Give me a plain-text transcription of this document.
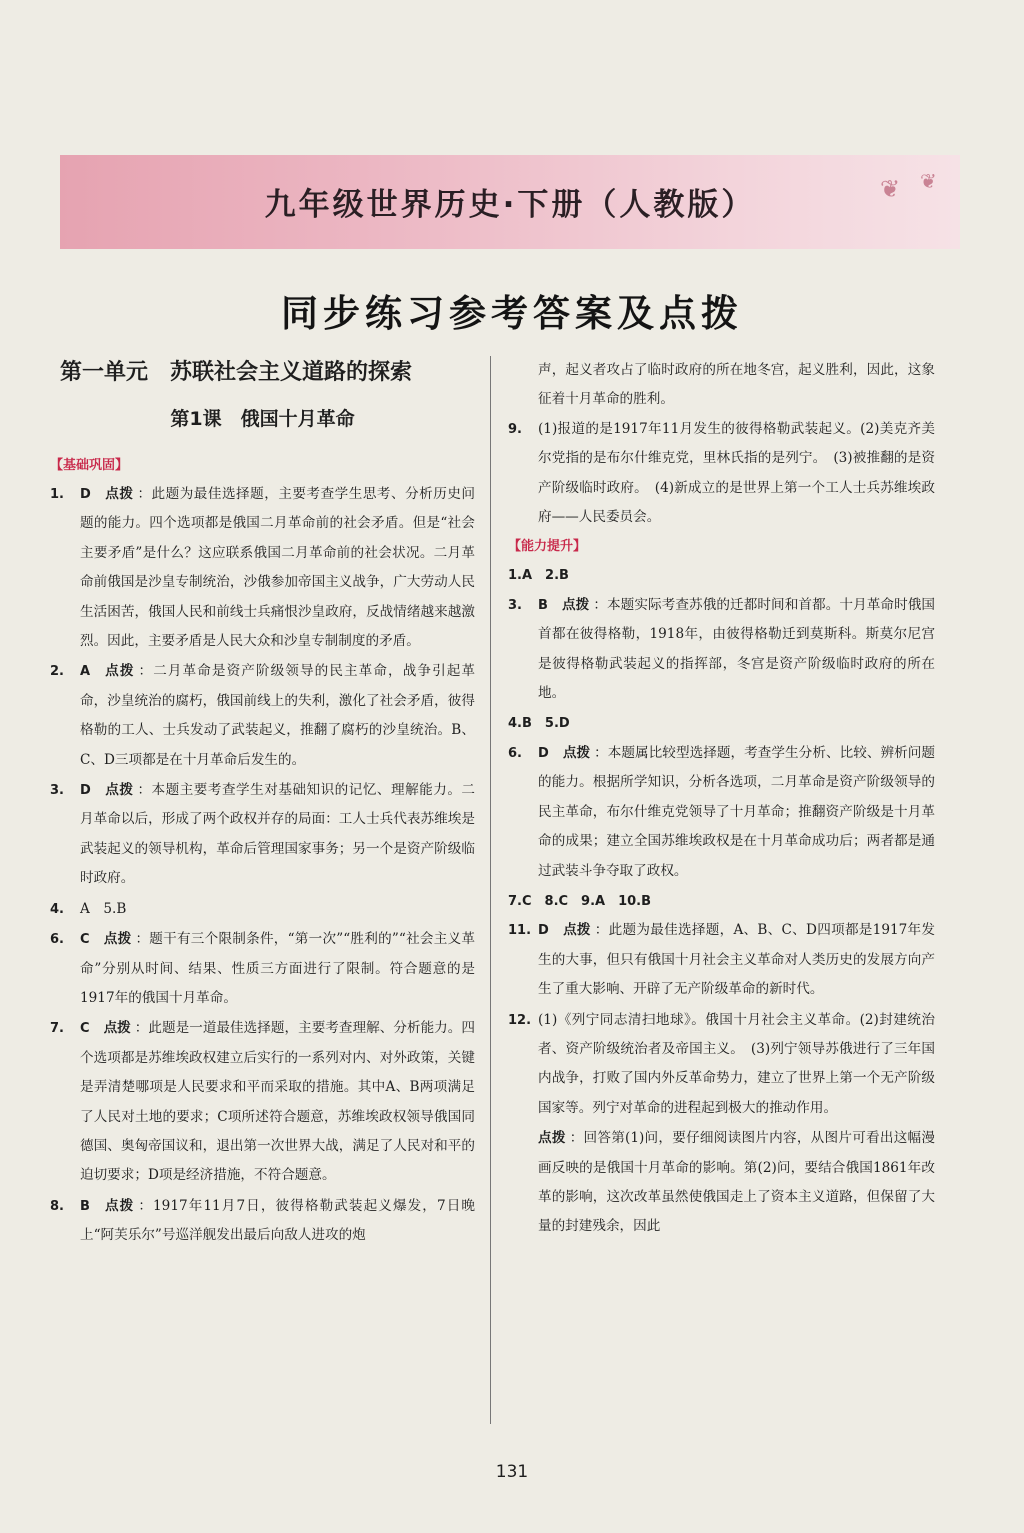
❦ ❦
九年级世界历史·下册（人教版）
同步练习参考答案及点拨
第一单元　苏联社会主义道路的探索
第1课　俄国十月革命
【基础巩固】
1.	D 点拨 ：此题为最佳选择题，主要考查学生思考、分析历史问题的能力。四个选项都是俄国二月革命前的社会矛盾。但是“社会主要矛盾”是什么？这应联系俄国二月革命前的社会状况。二月革命前俄国是沙皇专制统治，沙俄参加帝国主义战争，广大劳动人民生活困苦，俄国人民和前线士兵痛恨沙皇政府，反战情绪越来越激烈。因此，主要矛盾是人民大众和沙皇专制制度的矛盾。
2.	A 点拨 ：二月革命是资产阶级领导的民主革命，战争引起革命，沙皇统治的腐朽，俄国前线上的失利，激化了社会矛盾，彼得格勒的工人、士兵发动了武装起义，推翻了腐朽的沙皇统治。B、C、D三项都是在十月革命后发生的。
3.	D 点拨 ：本题主要考查学生对基础知识的记忆、理解能力。二月革命以后，形成了两个政权并存的局面：工人士兵代表苏维埃是武装起义的领导机构，革命后管理国家事务；另一个是资产阶级临时政府。
4.	A　5.B
6.	C 点拨 ：题干有三个限制条件，“第一次”“胜利的”“社会主义革命”分别从时间、结果、性质三方面进行了限制。符合题意的是1917年的俄国十月革命。
7.	C 点拨 ：此题是一道最佳选择题，主要考查理解、分析能力。四个选项都是苏维埃政权建立后实行的一系列对内、对外政策，关键是弄清楚哪项是人民要求和平而采取的措施。其中A、B两项满足了人民对土地的要求；C项所述符合题意，苏维埃政权领导俄国同德国、奥匈帝国议和，退出第一次世界大战，满足了人民对和平的迫切要求；D项是经济措施，不符合题意。
8.	B 点拨 ：1917年11月7日，彼得格勒武装起义爆发，7日晚上“阿芙乐尔”号巡洋舰发出最后向敌人进攻的炮
声，起义者攻占了临时政府的所在地冬宫，起义胜利，因此，这象征着十月革命的胜利。
9.	(1)报道的是1917年11月发生的彼得格勒武装起义。(2)美克齐美尔党指的是布尔什维克党，里林氏指的是列宁。　(3)被推翻的是资产阶级临时政府。　(4)新成立的是世界上第一个工人士兵苏维埃政府——人民委员会。
【能力提升】
1.A　2.B
3.	B 点拨 ：本题实际考查苏俄的迁都时间和首都。十月革命时俄国首都在彼得格勒，1918年，由彼得格勒迁到莫斯科。斯莫尔尼宫是彼得格勒武装起义的指挥部，冬宫是资产阶级临时政府的所在地。
4.B　5.D
6.	D 点拨 ：本题属比较型选择题，考查学生分析、比较、辨析问题的能力。根据所学知识，分析各选项，二月革命是资产阶级领导的民主革命，布尔什维克党领导了十月革命；推翻资产阶级是十月革命的成果；建立全国苏维埃政权是在十月革命成功后；两者都是通过武装斗争夺取了政权。
7.C　8.C　9.A　10.B
11. D 点拨 ：此题为最佳选择题，A、B、C、D四项都是1917年发生的大事，但只有俄国十月社会主义革命对人类历史的发展方向产生了重大影响、开辟了无产阶级革命的新时代。
12. (1)《列宁同志清扫地球》。俄国十月社会主义革命。(2)封建统治者、资产阶级统治者及帝国主义。　(3)列宁领导苏俄进行了三年国内战争，打败了国内外反革命势力，建立了世界上第一个无产阶级国家等。列宁对革命的进程起到极大的推动作用。
点拨 ：回答第(1)问，要仔细阅读图片内容，从图片可看出这幅漫画反映的是俄国十月革命的影响。第(2)问，要结合俄国1861年改革的影响，这次改革虽然使俄国走上了资本主义道路，但保留了大量的封建残余，因此
131
